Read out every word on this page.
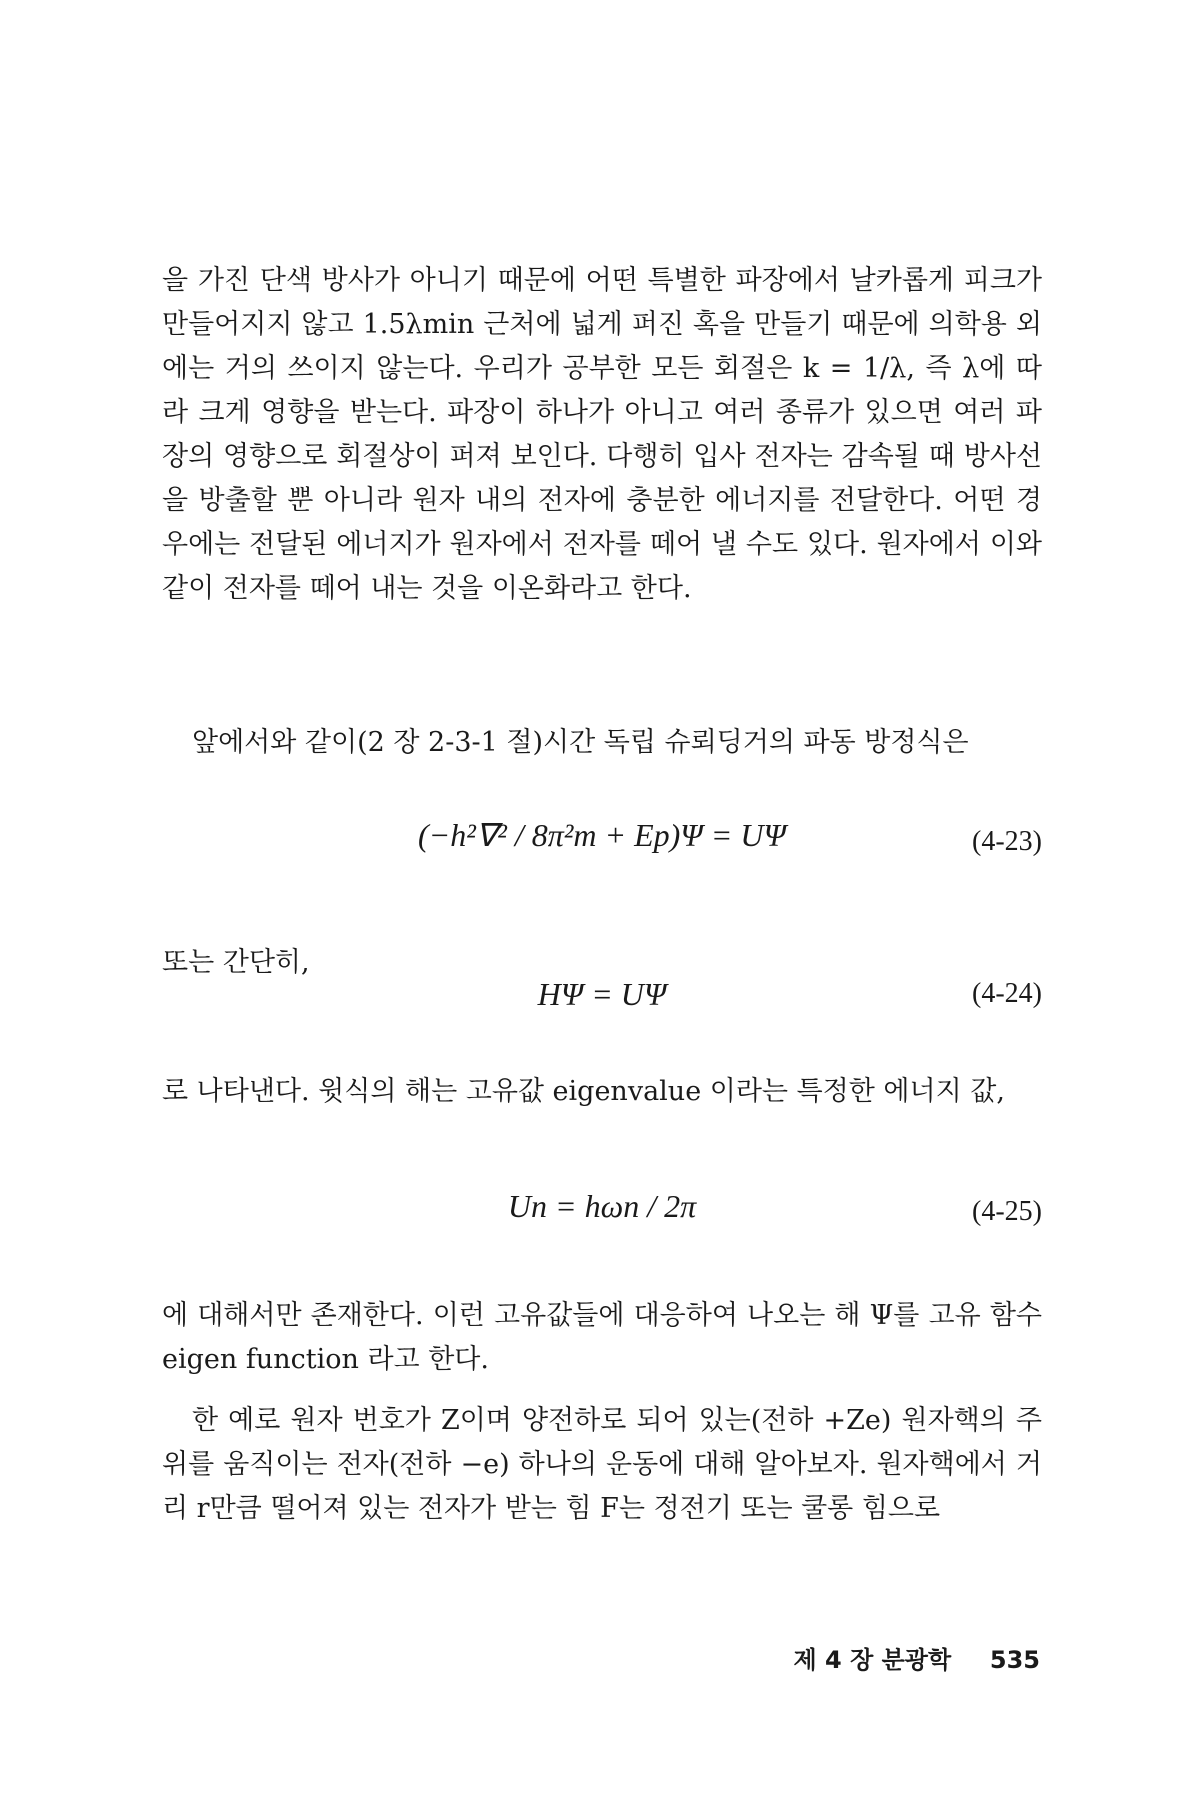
을 가진 단색 방사가 아니기 때문에 어떤 특별한 파장에서 날카롭게 피크가 만들어지지 않고 1.5λmin 근처에 넓게 퍼진 혹을 만들기 때문에 의학용 외에는 거의 쓰이지 않는다. 우리가 공부한 모든 회절은 k = 1/λ, 즉 λ에 따라 크게 영향을 받는다. 파장이 하나가 아니고 여러 종류가 있으면 여러 파장의 영향으로 회절상이 퍼져 보인다. 다행히 입사 전자는 감속될 때 방사선을 방출할 뿐 아니라 원자 내의 전자에 충분한 에너지를 전달한다. 어떤 경우에는 전달된 에너지가 원자에서 전자를 떼어 낼 수도 있다. 원자에서 이와 같이 전자를 떼어 내는 것을 이온화라고 한다.

앞에서와 같이(2 장 2-3-1 절)시간 독립 슈뢰딩거의 파동 방정식은

(−h²∇² / 8π²m + Ep)Ψ = UΨ	(4-23)

또는 간단히,

HΨ = UΨ	(4-24)

로 나타낸다. 윗식의 해는 고유값 eigenvalue 이라는 특정한 에너지 값,

Un = hωn / 2π	(4-25)

에 대해서만 존재한다. 이런 고유값들에 대응하여 나오는 해 Ψ를 고유 함수 eigen function 라고 한다.

한 예로 원자 번호가 Z이며 양전하로 되어 있는(전하 +Ze) 원자핵의 주위를 움직이는 전자(전하 −e) 하나의 운동에 대해 알아보자. 원자핵에서 거리 r만큼 떨어져 있는 전자가 받는 힘 F는 정전기 또는 쿨롱 힘으로

제 4 장 분광학 535
